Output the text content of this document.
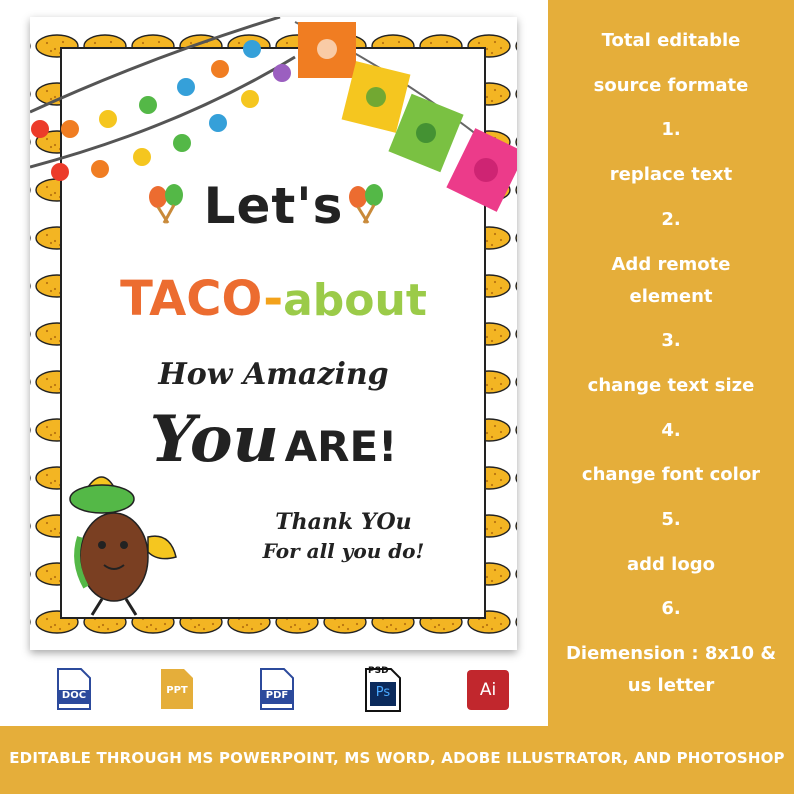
Let's
TACO-about
How Amazing
You ARE!
Thank YOu
For all you do!
DOC	PPT	PDF
PSD
Ps	Ai
Total editable
source formate
1.
replace text
2.
Add remote
element
3.
change text size
4.
change font color
5.
add logo
6.
Diemension : 8x10 &
us letter
EDITABLE THROUGH MS POWERPOINT, MS WORD, ADOBE ILLUSTRATOR, AND PHOTOSHOP
